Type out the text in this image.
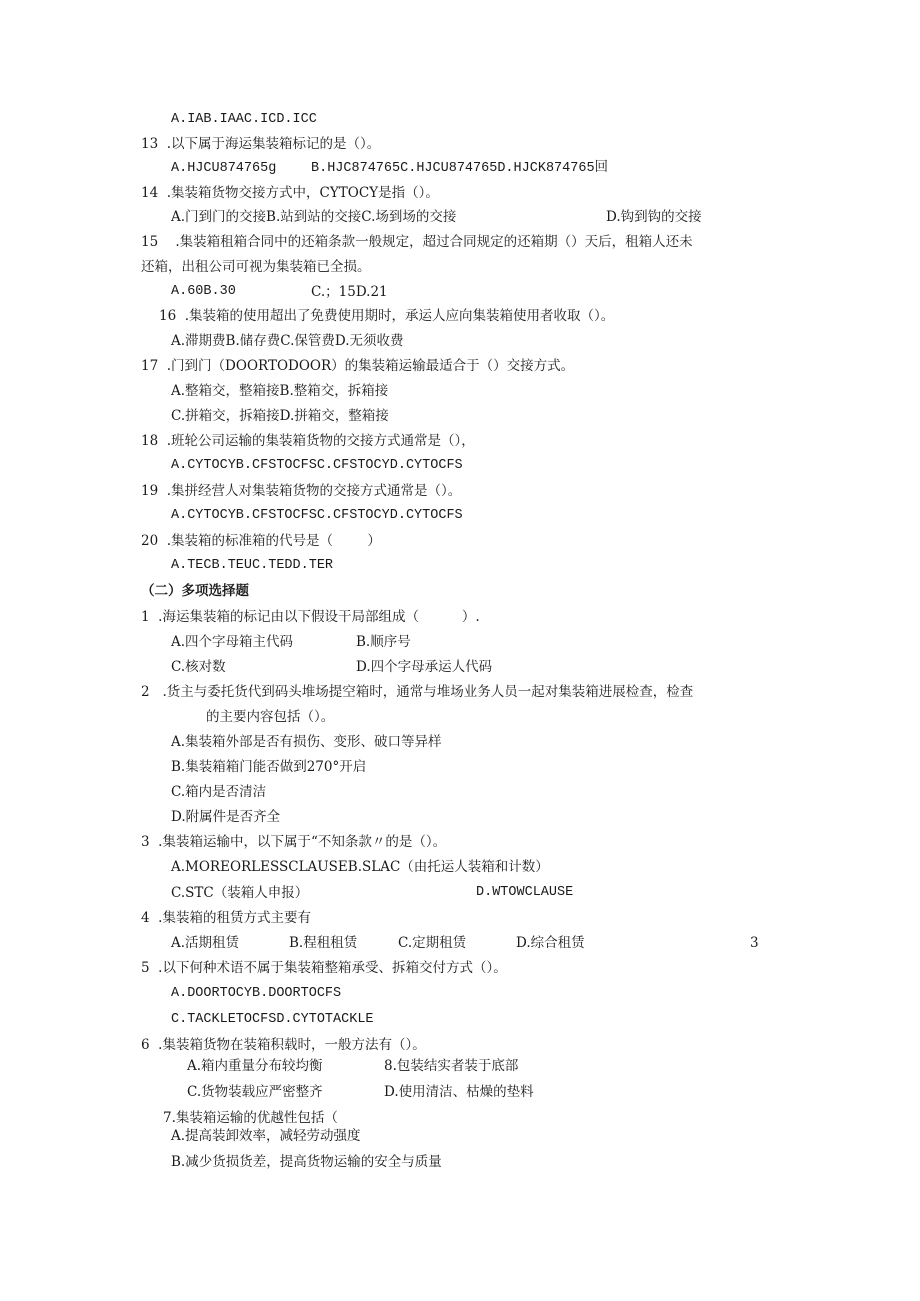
A.IAB.IAAC.ICD.ICC
13  .以下属于海运集装箱标记的是（）。
A.HJCU874765g	B.HJC874765C.HJCU874765D.HJCK874765回
14  .集装箱货物交接方式中，CYTOCY是指（）。
A.门到门的交接B.站到站的交接C.场到场的交接	D.钩到钩的交接
15    .集装箱租箱合同中的还箱条款一般规定，超过合同规定的还箱期（）天后，租箱人还未
还箱，出租公司可视为集装箱已全损。
A.60B.30	C.；15D.21
16  .集装箱的使用超出了免费使用期时，承运人应向集装箱使用者收取（）。
A.滞期费B.储存费C.保管费D.无须收费
17  .门到门（DOORTODOOR）的集装箱运输最适合于（）交接方式。
A.整箱交，整箱接B.整箱交，拆箱接
C.拼箱交，拆箱接D.拼箱交，整箱接
18  .班轮公司运输的集装箱货物的交接方式通常是（），
A.CYTOCYB.CFSTOCFSC.CFSTOCYD.CYTOCFS
19  .集拼经营人对集装箱货物的交接方式通常是（）。
A.CYTOCYB.CFSTOCFSC.CFSTOCYD.CYTOCFS
20  .集装箱的标准箱的代号是（        ）
A.TECB.TEUC.TEDD.TER
（二）多项选择题
1  .海运集装箱的标记由以下假设干局部组成（          ）.
A.四个字母箱主代码	B.顺序号
C.核对数	D.四个字母承运人代码
2   .货主与委托货代到码头堆场提空箱时，通常与堆场业务人员一起对集装箱进展检查，检查
的主要内容包括（）。
A.集装箱外部是否有损伤、变形、破口等异样
B.集装箱箱门能否做到270°开启
C.箱内是否清洁
D.附属件是否齐全
3  .集装箱运输中，以下属于“不知条款〃的是（）。
A.MOREORLESSCLAUSEB.SLAC（由托运人装箱和计数）
C.STC（装箱人申报）	D.WTOWCLAUSE
4  .集装箱的租赁方式主要有
A.活期租赁	B.程租租赁	C.定期租赁	D.综合租赁	3
5  .以下何种术语不属于集装箱整箱承受、拆箱交付方式（）。
A.DOORTOCYB.DOORTOCFS
C.TACKLETOCFSD.CYTOTACKLE
6  .集装箱货物在装箱积载时，一般方法有（）。
A.箱内重量分布较均衡	8.包装结实者装于底部
C.货物装载应严密整齐	D.使用清洁、枯燥的垫料
7.集装箱运输的优越性包括（
A.提高装卸效率，减轻劳动强度
B.减少货损货差，提高货物运输的安全与质量
